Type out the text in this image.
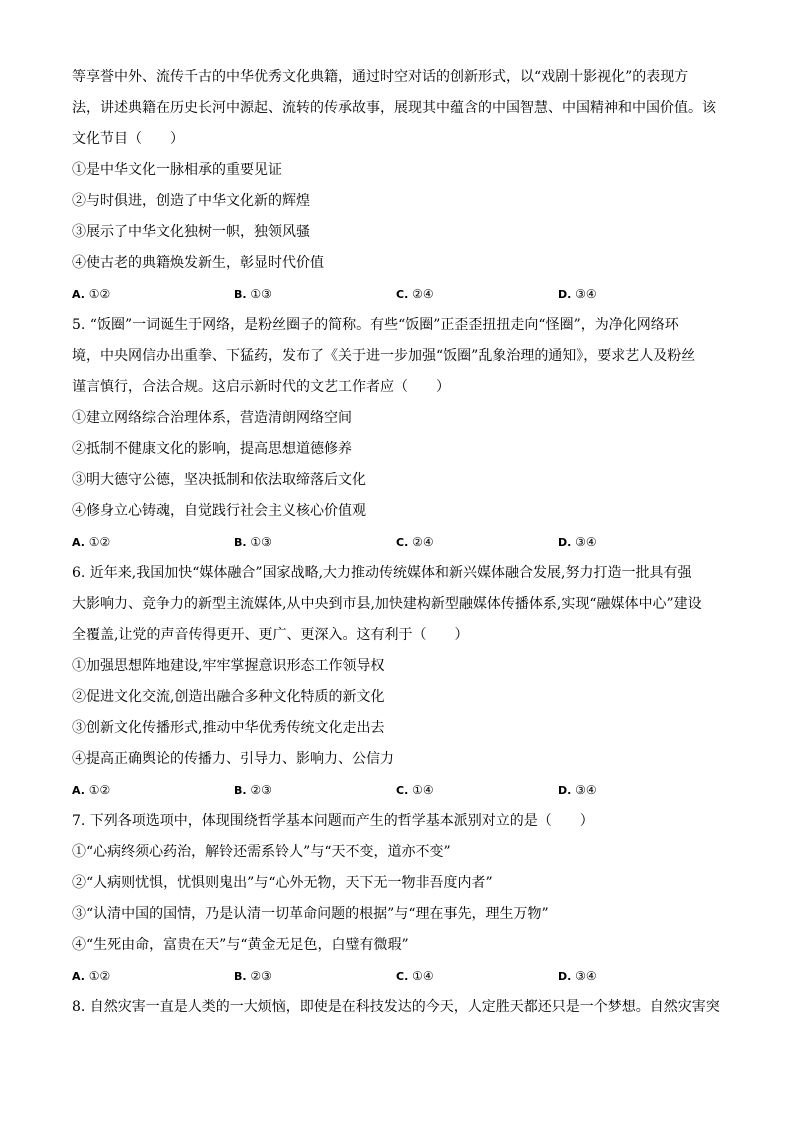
等享誉中外、流传千古的中华优秀文化典籍，通过时空对话的创新形式，以“戏剧十影视化”的表现方
法，讲述典籍在历史长河中源起、流转的传承故事，展现其中蕴含的中国智慧、中国精神和中国价值。该
文化节目（　　）
①是中华文化一脉相承的重要见证
②与时俱进，创造了中华文化新的辉煌
③展示了中华文化独树一帜，独领风骚
④使古老的典籍焕发新生，彰显时代价值
A. ①②	B. ①③	C. ②④	D. ③④
5. “饭圈”一词诞生于网络，是粉丝圈子的简称。有些“饭圈”正歪歪扭扭走向“怪圈”，为净化网络环
境，中央网信办出重拳、下猛药，发布了《关于进一步加强“饭圈”乱象治理的通知》，要求艺人及粉丝
谨言慎行，合法合规。这启示新时代的文艺工作者应（　　）
①建立网络综合治理体系，营造清朗网络空间
②抵制不健康文化的影响，提高思想道德修养
③明大德守公德，坚决抵制和依法取缔落后文化
④修身立心铸魂，自觉践行社会主义核心价值观
A. ①②	B. ①③	C. ②④	D. ③④
6. 近年来,我国加快“媒体融合”国家战略,大力推动传统媒体和新兴媒体融合发展,努力打造一批具有强
大影响力、竞争力的新型主流媒体,从中央到市县,加快建构新型融媒体传播体系,实现“融媒体中心”建设
全覆盖,让党的声音传得更开、更广、更深入。这有利于（　　）
①加强思想阵地建设,牢牢掌握意识形态工作领导权
②促进文化交流,创造出融合多种文化特质的新文化
③创新文化传播形式,推动中华优秀传统文化走出去
④提高正确舆论的传播力、引导力、影响力、公信力
A. ①②	B. ②③	C. ①④	D. ③④
7. 下列各项选项中，体现围绕哲学基本问题而产生的哲学基本派别对立的是（　　）
①“心病终须心药治，解铃还需系铃人”与“天不变，道亦不变”
②“人病则忧惧，忧惧则鬼出”与“心外无物，天下无一物非吾度内者”
③“认清中国的国情，乃是认清一切革命问题的根据”与“理在事先，理生万物”
④“生死由命，富贵在天”与“黄金无足色，白璧有微瑕”
A. ①②	B. ②③	C. ①④	D. ③④
8. 自然灾害一直是人类的一大烦恼，即使是在科技发达的今天，人定胜天都还只是一个梦想。自然灾害突
